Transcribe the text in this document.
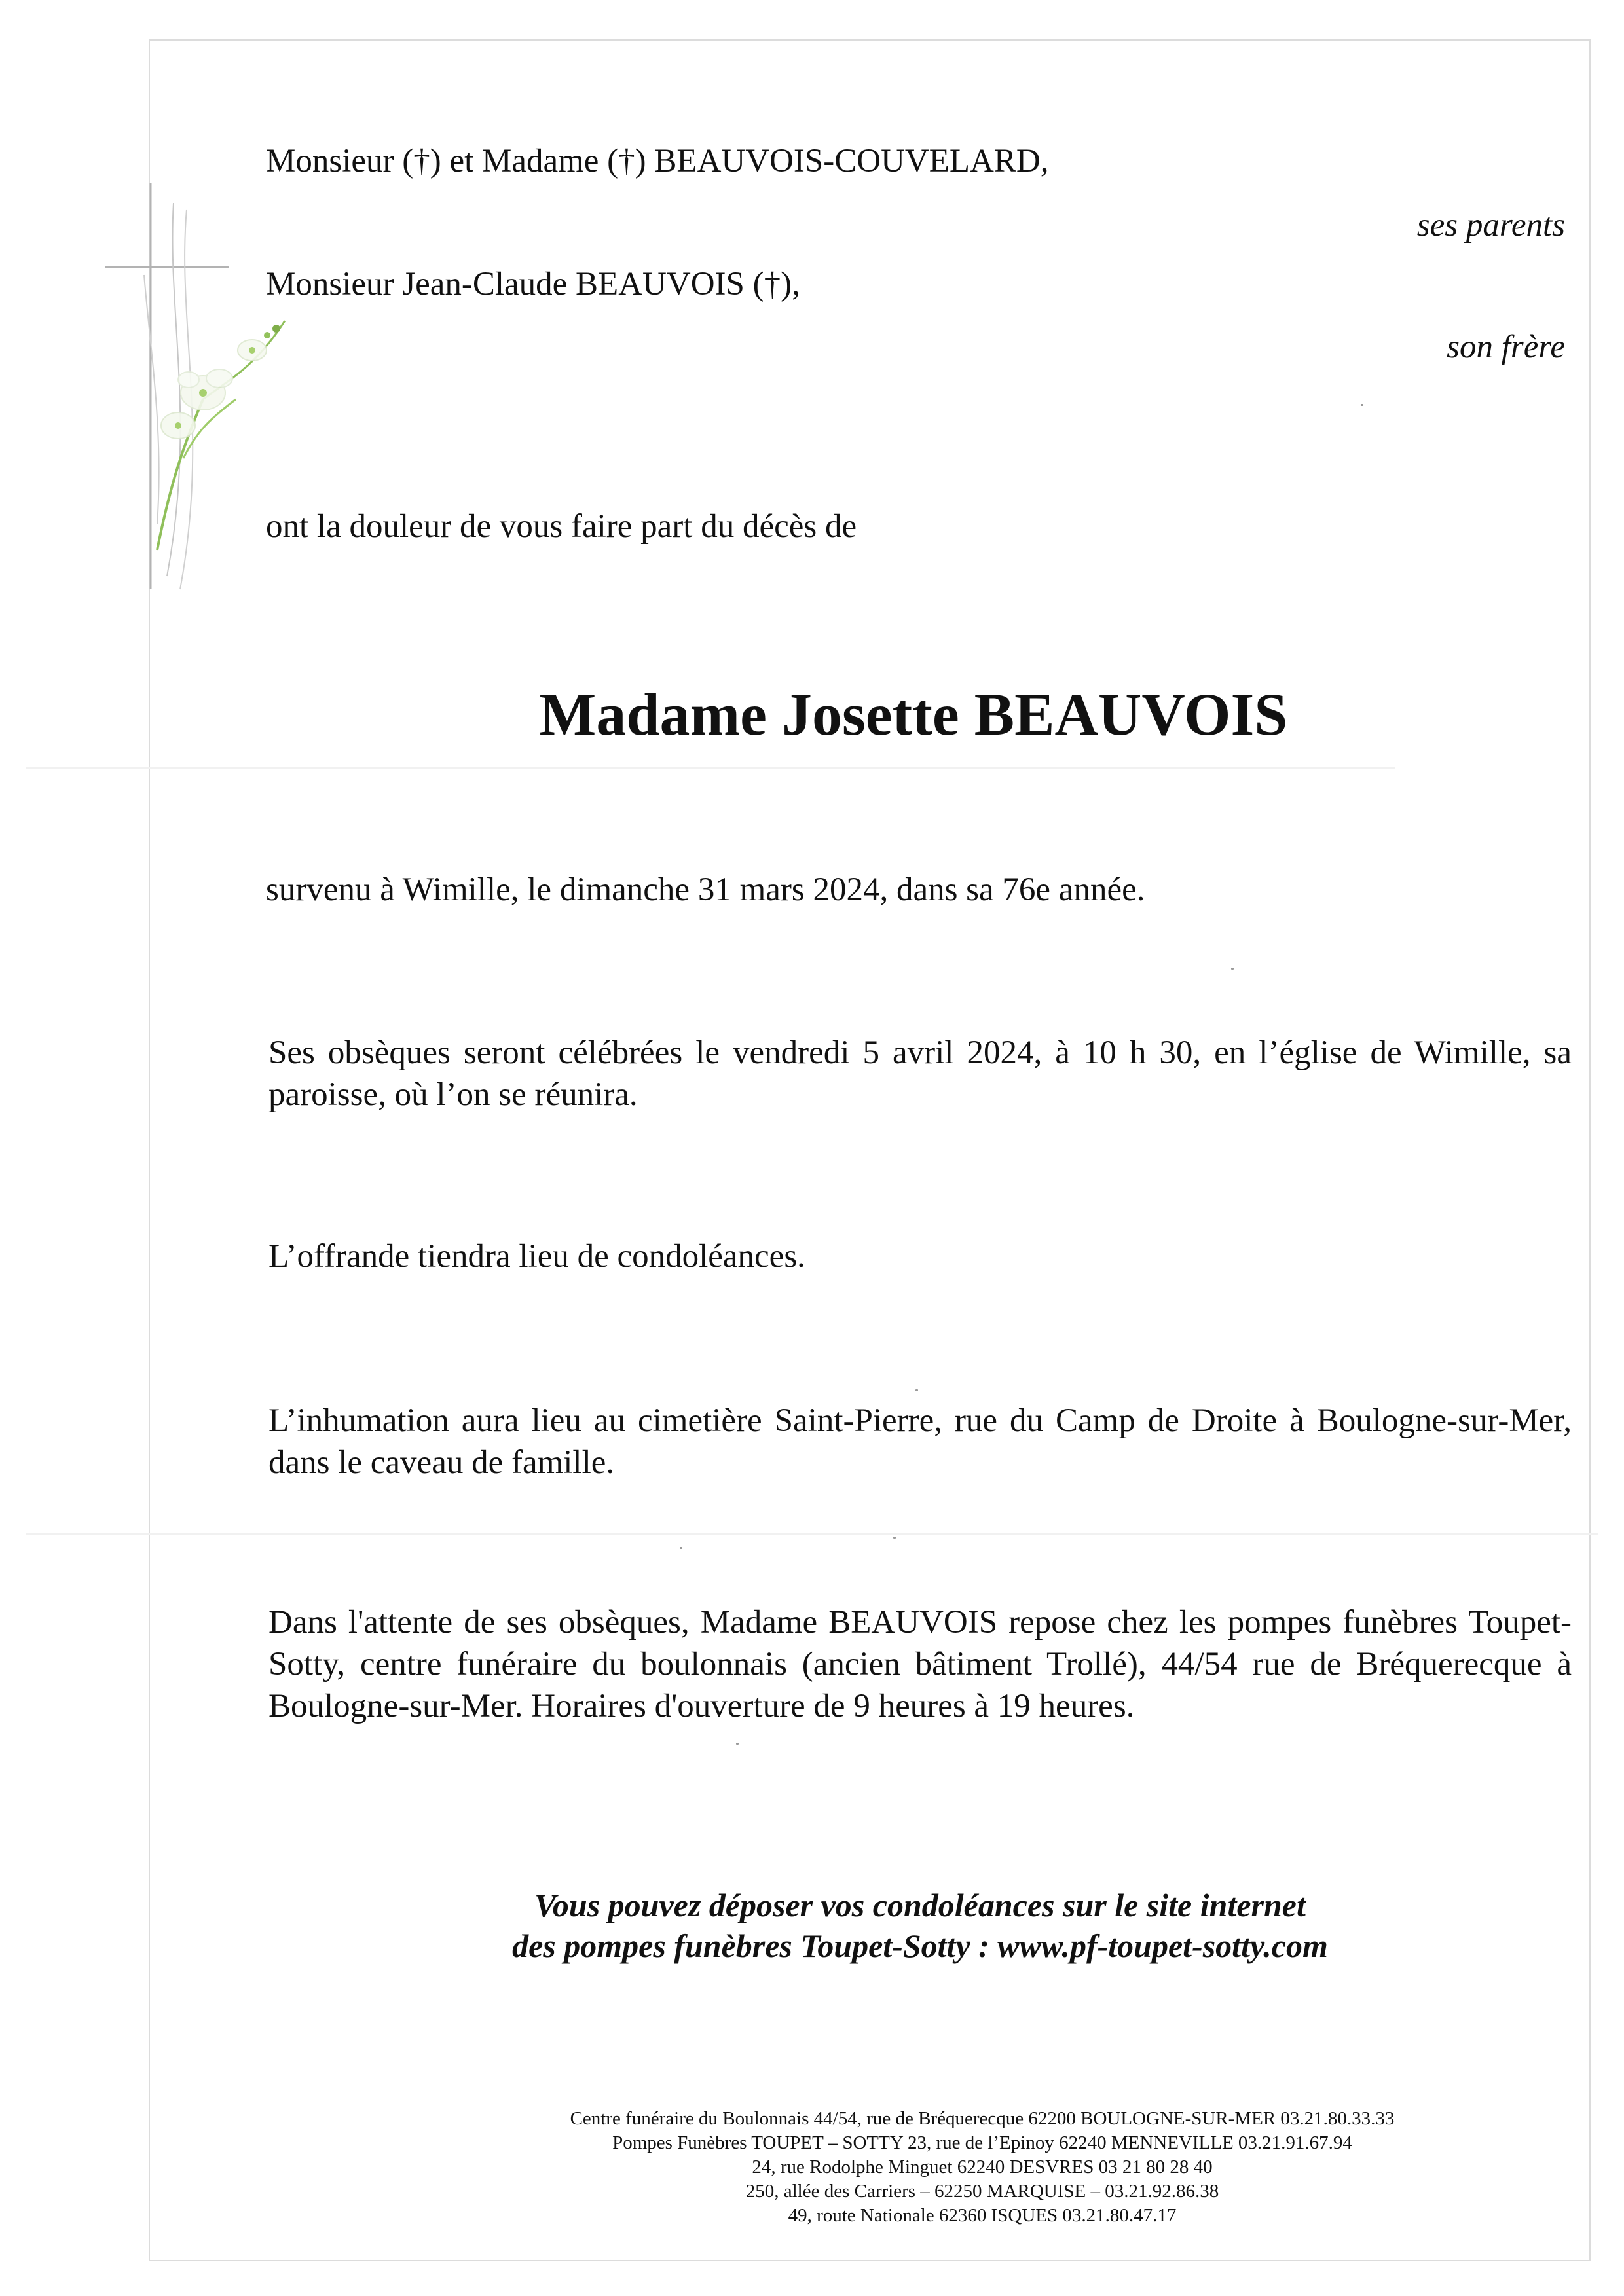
Monsieur (†) et Madame (†) BEAUVOIS-COUVELARD,
ses parents
Monsieur Jean-Claude BEAUVOIS (†),
son frère
ont la douleur de vous faire part du décès de
Madame Josette BEAUVOIS
survenu à Wimille, le dimanche 31 mars 2024, dans sa 76e année.
Ses obsèques seront célébrées le vendredi 5 avril 2024, à 10 h 30, en l’église de Wimille, sa paroisse, où l’on se réunira.
L’offrande tiendra lieu de condoléances.
L’inhumation aura lieu au cimetière Saint-Pierre, rue du Camp de Droite à Boulogne-sur-Mer, dans le caveau de famille.
Dans l'attente de ses obsèques, Madame BEAUVOIS repose chez les pompes funèbres Toupet-Sotty, centre funéraire du boulonnais (ancien bâtiment Trollé), 44/54 rue de Bréquerecque à Boulogne-sur-Mer. Horaires d'ouverture de 9 heures à 19 heures.
Vous pouvez déposer vos condoléances sur le site internet
des pompes funèbres Toupet-Sotty : www.pf-toupet-sotty.com
Centre funéraire du Boulonnais 44/54, rue de Bréquerecque 62200 BOULOGNE-SUR-MER 03.21.80.33.33
Pompes Funèbres TOUPET – SOTTY 23, rue de l’Epinoy 62240 MENNEVILLE 03.21.91.67.94
24, rue Rodolphe Minguet 62240 DESVRES 03 21 80 28 40
250, allée des Carriers – 62250 MARQUISE – 03.21.92.86.38
49, route Nationale 62360 ISQUES 03.21.80.47.17
